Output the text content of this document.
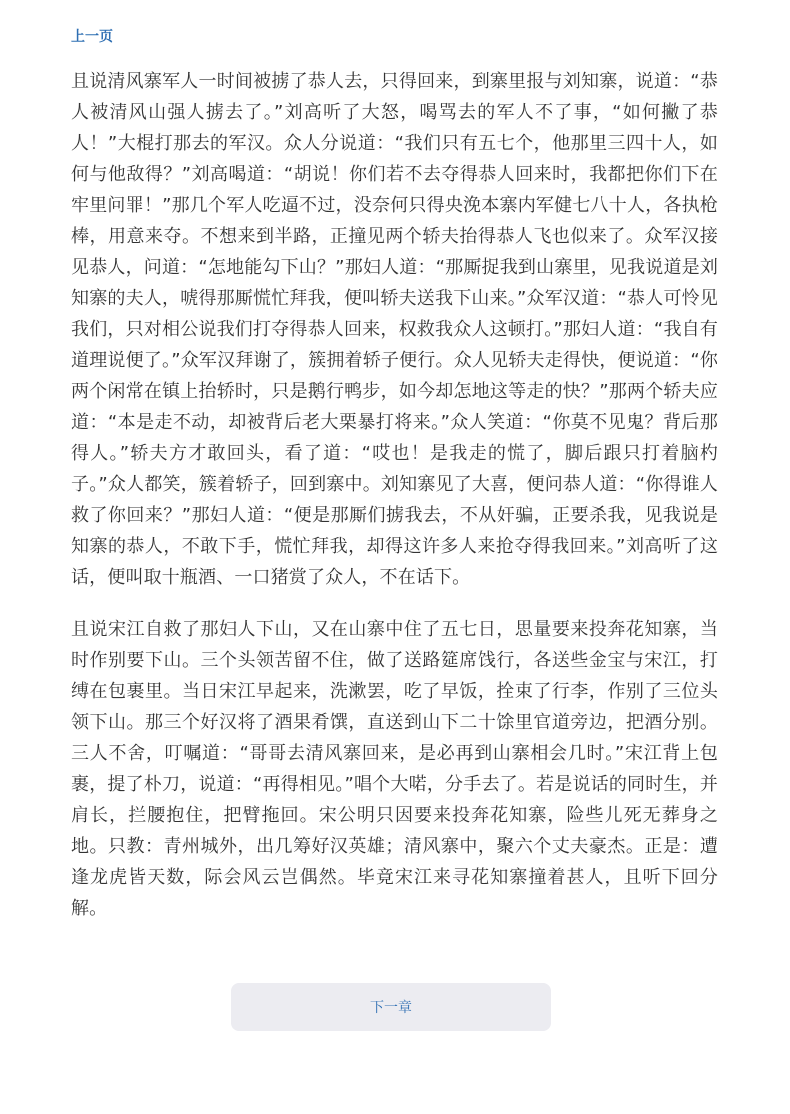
上一页

且说清风寨军人一时间被掳了恭人去，只得回来，到寨里报与刘知寨，说道：“恭人被清风山强人掳去了。”刘高听了大怒，喝骂去的军人不了事，“如何撇了恭人！”大棍打那去的军汉。众人分说道：“我们只有五七个，他那里三四十人，如何与他敌得？”刘高喝道：“胡说！你们若不去夺得恭人回来时，我都把你们下在牢里问罪！”那几个军人吃逼不过，没奈何只得央浼本寨内军健七八十人，各执枪棒，用意来夺。不想来到半路，正撞见两个轿夫抬得恭人飞也似来了。众军汉接见恭人，问道：“怎地能勾下山？”那妇人道：“那厮捉我到山寨里，见我说道是刘知寨的夫人，唬得那厮慌忙拜我，便叫轿夫送我下山来。”众军汉道：“恭人可怜见我们，只对相公说我们打夺得恭人回来，权救我众人这顿打。”那妇人道：“我自有道理说便了。”众军汉拜谢了，簇拥着轿子便行。众人见轿夫走得快，便说道：“你两个闲常在镇上抬轿时，只是鹅行鸭步，如今却怎地这等走的快？”那两个轿夫应道：“本是走不动，却被背后老大栗暴打将来。”众人笑道：“你莫不见鬼？背后那得人。”轿夫方才敢回头，看了道：“哎也！是我走的慌了，脚后跟只打着脑杓子。”众人都笑，簇着轿子，回到寨中。刘知寨见了大喜，便问恭人道：“你得谁人救了你回来？”那妇人道：“便是那厮们掳我去，不从奸骗，正要杀我，见我说是知寨的恭人，不敢下手，慌忙拜我，却得这许多人来抢夺得我回来。”刘高听了这话，便叫取十瓶酒、一口猪赏了众人，不在话下。

且说宋江自救了那妇人下山，又在山寨中住了五七日，思量要来投奔花知寨，当时作别要下山。三个头领苦留不住，做了送路筵席饯行，各送些金宝与宋江，打缚在包裹里。当日宋江早起来，洗漱罢，吃了早饭，拴束了行李，作别了三位头领下山。那三个好汉将了酒果肴馔，直送到山下二十馀里官道旁边，把酒分别。三人不舍，叮嘱道：“哥哥去清风寨回来，是必再到山寨相会几时。”宋江背上包裹，提了朴刀，说道：“再得相见。”唱个大喏，分手去了。若是说话的同时生，并肩长，拦腰抱住，把臂拖回。宋公明只因要来投奔花知寨，险些儿死无葬身之地。只教：青州城外，出几筹好汉英雄；清风寨中，聚六个丈夫豪杰。正是：遭逢龙虎皆天数，际会风云岂偶然。毕竟宋江来寻花知寨撞着甚人，且听下回分解。

下一章
